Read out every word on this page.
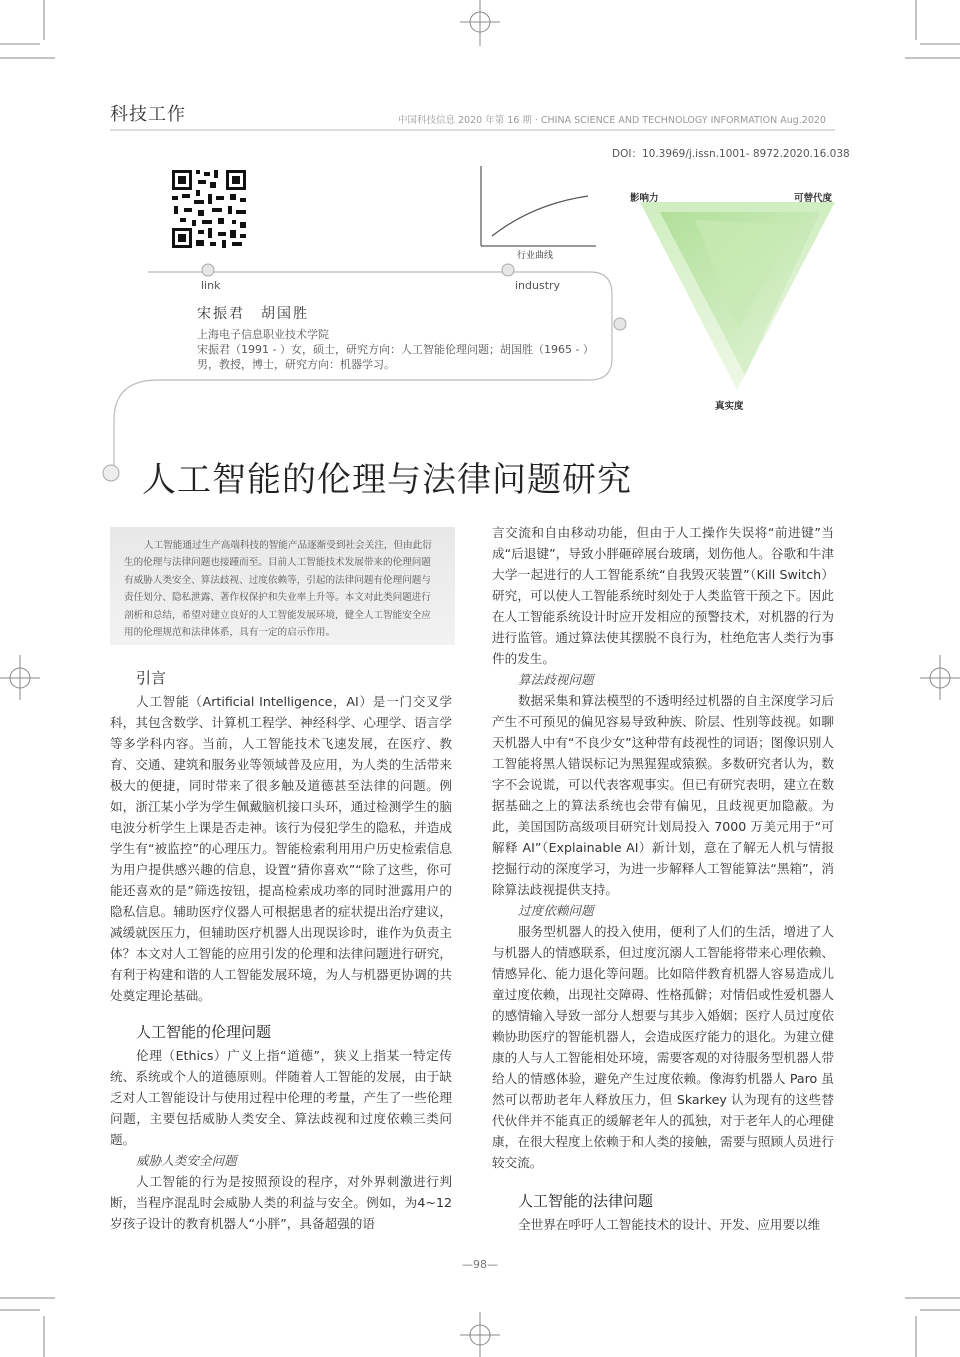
科技工作	中国科技信息 2020 年第 16 期 · CHINA SCIENCE AND TECHNOLOGY INFORMATION Aug.2020
DOI：10.3969/j.issn.1001- 8972.2020.16.038
行业曲线
link	industry
宋振君　胡国胜
上海电子信息职业技术学院
宋振君（1991 - ）女，硕士，研究方向：人工智能伦理问题；胡国胜（1965 - ）男，教授，博士，研究方向：机器学习。
影响力	可替代度
真实度
人工智能的伦理与法律问题研究

人工智能通过生产高端科技的智能产品逐渐受到社会关注，但由此衍生的伦理与法律问题也接踵而至。目前人工智能技术发展带来的伦理问题有威胁人类安全、算法歧视、过度依赖等，引起的法律问题有伦理问题与责任划分、隐私泄露、著作权保护和失业率上升等。本文对此类问题进行剖析和总结，希望对建立良好的人工智能发展环境，健全人工智能安全应用的伦理规范和法律体系，具有一定的启示作用。

引言

人工智能（Artificial Intelligence，AI）是一门交叉学科，其包含数学、计算机工程学、神经科学、心理学、语言学等多学科内容。当前，人工智能技术飞速发展，在医疗、教育、交通、建筑和服务业等领域普及应用，为人类的生活带来极大的便捷，同时带来了很多触及道德甚至法律的问题。例如，浙江某小学为学生佩戴脑机接口头环，通过检测学生的脑电波分析学生上课是否走神。该行为侵犯学生的隐私，并造成学生有“被监控”的心理压力。智能检索利用用户历史检索信息为用户提供感兴趣的信息，设置“猜你喜欢”“除了这些，你可能还喜欢的是”筛选按钮，提高检索成功率的同时泄露用户的隐私信息。辅助医疗仪器人可根据患者的症状提出治疗建议，减缓就医压力，但辅助医疗机器人出现误诊时，谁作为负责主体？本文对人工智能的应用引发的伦理和法律问题进行研究，有利于构建和谐的人工智能发展环境，为人与机器更协调的共处奠定理论基础。

人工智能的伦理问题

伦理（Ethics）广义上指“道德”，狭义上指某一特定传统、系统或个人的道德原则。伴随着人工智能的发展，由于缺乏对人工智能设计与使用过程中伦理的考量，产生了一些伦理问题，主要包括威胁人类安全、算法歧视和过度依赖三类问题。

威胁人类安全问题

人工智能的行为是按照预设的程序，对外界刺激进行判断，当程序混乱时会威胁人类的利益与安全。例如，为4~12 岁孩子设计的教育机器人“小胖”，具备超强的语

言交流和自由移动功能，但由于人工操作失误将“前进键”当成“后退键”，导致小胖砸碎展台玻璃，划伤他人。谷歌和牛津大学一起进行的人工智能系统“自我毁灭装置”（Kill Switch）研究，可以使人工智能系统时刻处于人类监管干预之下。因此在人工智能系统设计时应开发相应的预警技术，对机器的行为进行监管。通过算法使其摆脱不良行为，杜绝危害人类行为事件的发生。

算法歧视问题

数据采集和算法模型的不透明经过机器的自主深度学习后产生不可预见的偏见容易导致种族、阶层、性别等歧视。如聊天机器人中有“不良少女”这种带有歧视性的词语；图像识别人工智能将黑人错误标记为黑猩猩或猿猴。多数研究者认为，数字不会说谎，可以代表客观事实。但已有研究表明，建立在数据基础之上的算法系统也会带有偏见，且歧视更加隐蔽。为此，美国国防高级项目研究计划局投入 7000 万美元用于“可解释 AI”（Explainable AI）新计划，意在了解无人机与情报挖掘行动的深度学习，为进一步解释人工智能算法“黑箱”，消除算法歧视提供支持。

过度依赖问题

服务型机器人的投入使用，便利了人们的生活，增进了人与机器人的情感联系，但过度沉溺人工智能将带来心理依赖、情感异化、能力退化等问题。比如陪伴教育机器人容易造成儿童过度依赖，出现社交障碍、性格孤僻；对情侣或性爱机器人的感情输入导致一部分人想要与其步入婚姻；医疗人员过度依赖协助医疗的智能机器人，会造成医疗能力的退化。为建立健康的人与人工智能相处环境，需要客观的对待服务型机器人带给人的情感体验，避免产生过度依赖。像海豹机器人 Paro 虽然可以帮助老年人释放压力，但 Skarkey 认为现有的这些替代伙伴并不能真正的缓解老年人的孤独，对于老年人的心理健康，在很大程度上依赖于和人类的接触，需要与照顾人员进行较交流。

人工智能的法律问题

全世界在呼吁人工智能技术的设计、开发、应用要以维

—98—
